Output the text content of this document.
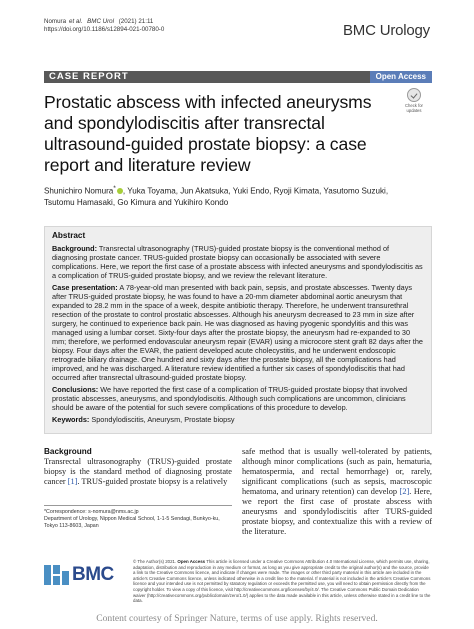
Nomura et al. BMC Urol (2021) 21:11
https://doi.org/10.1186/s12894-021-00780-0	BMC Urology
CASE REPORT	Open Access
Check for
updates
Prostatic abscess with infected aneurysms and spondylodiscitis after transrectal ultrasound-guided prostate biopsy: a case report and literature review
Shunichiro Nomura* , Yuka Toyama, Jun Akatsuka, Yuki Endo, Ryoji Kimata, Yasutomo Suzuki, Tsutomu Hamasaki, Go Kimura and Yukihiro Kondo
Abstract

Background: Transrectal ultrasonography (TRUS)-guided prostate biopsy is the conventional method of diagnosing prostate cancer. TRUS-guided prostate biopsy can occasionally be associated with severe complications. Here, we report the first case of a prostate abscess with infected aneurysms and spondylodiscitis as a complication of TRUS-guided prostate biopsy, and we review the relevant literature.

Case presentation: A 78-year-old man presented with back pain, sepsis, and prostate abscesses. Twenty days after TRUS-guided prostate biopsy, he was found to have a 20-mm diameter abdominal aortic aneurysm that expanded to 28.2 mm in the space of a week, despite antibiotic therapy. Therefore, he underwent transurethral resection of the prostate to control prostatic abscesses. Although his aneurysm decreased to 23 mm in size after surgery, he continued to experience back pain. He was diagnosed as having pyogenic spondylitis and this was managed using a lumbar corset. Sixty-four days after the prostate biopsy, the aneurysm had re-expanded to 30 mm; therefore, we performed endovascular aneurysm repair (EVAR) using a microcore stent graft 82 days after the biopsy. Four days after the EVAR, the patient developed acute cholecystitis, and he underwent endoscopic retrograde biliary drainage. One hundred and sixty days after the prostate biopsy, all the complications had improved, and he was discharged. A literature review identified a further six cases of spondylodiscitis that had occurred after transrectal ultrasound-guided prostate biopsy.

Conclusions: We have reported the first case of a complication of TRUS-guided prostate biopsy that involved prostatic abscesses, aneurysms, and spondylodiscitis. Although such complications are uncommon, clinicians should be aware of the potential for such severe complications of this procedure to develop.

Keywords: Spondylodiscitis, Aneurysm, Prostate biopsy

Background
Transrectal ultrasonography (TRUS)-guided prostate biopsy is the standard method of diagnosing prostate cancer [1]. TRUS-guided prostate biopsy is a relatively
safe method that is usually well-tolerated by patients, although minor complications (such as pain, hematuria, hematospermia, and rectal hemorrhage) or, rarely, significant complications (such as sepsis, macroscopic hematoma, and urinary retention) can develop [2]. Here, we report the first case of prostate abscess with aneurysms and spondylodiscitis after TURS-guided prostate biopsy, and contextualize this with a review of the literature.
*Correspondence: s-nomura@nms.ac.jp
Department of Urology, Nippon Medical School, 1-1-5 Sendagi, Bunkyo-ku, Tokyo 113-8603, Japan
BMC
© The Author(s) 2021. Open Access This article is licensed under a Creative Commons Attribution 4.0 International License, which permits use, sharing, adaptation, distribution and reproduction in any medium or format, as long as you give appropriate credit to the original author(s) and the source, provide a link to the Creative Commons licence, and indicate if changes were made. The images or other third party material in this article are included in the article's Creative Commons licence, unless indicated otherwise in a credit line to the material. If material is not included in the article's Creative Commons licence and your intended use is not permitted by statutory regulation or exceeds the permitted use, you will need to obtain permission directly from the copyright holder. To view a copy of this licence, visit http://creativecommons.org/licenses/by/4.0/. The Creative Commons Public Domain Dedication waiver (http://creativecommons.org/publicdomain/zero/1.0/) applies to the data made available in this article, unless otherwise stated in a credit line to the data.
Content courtesy of Springer Nature, terms of use apply. Rights reserved.
